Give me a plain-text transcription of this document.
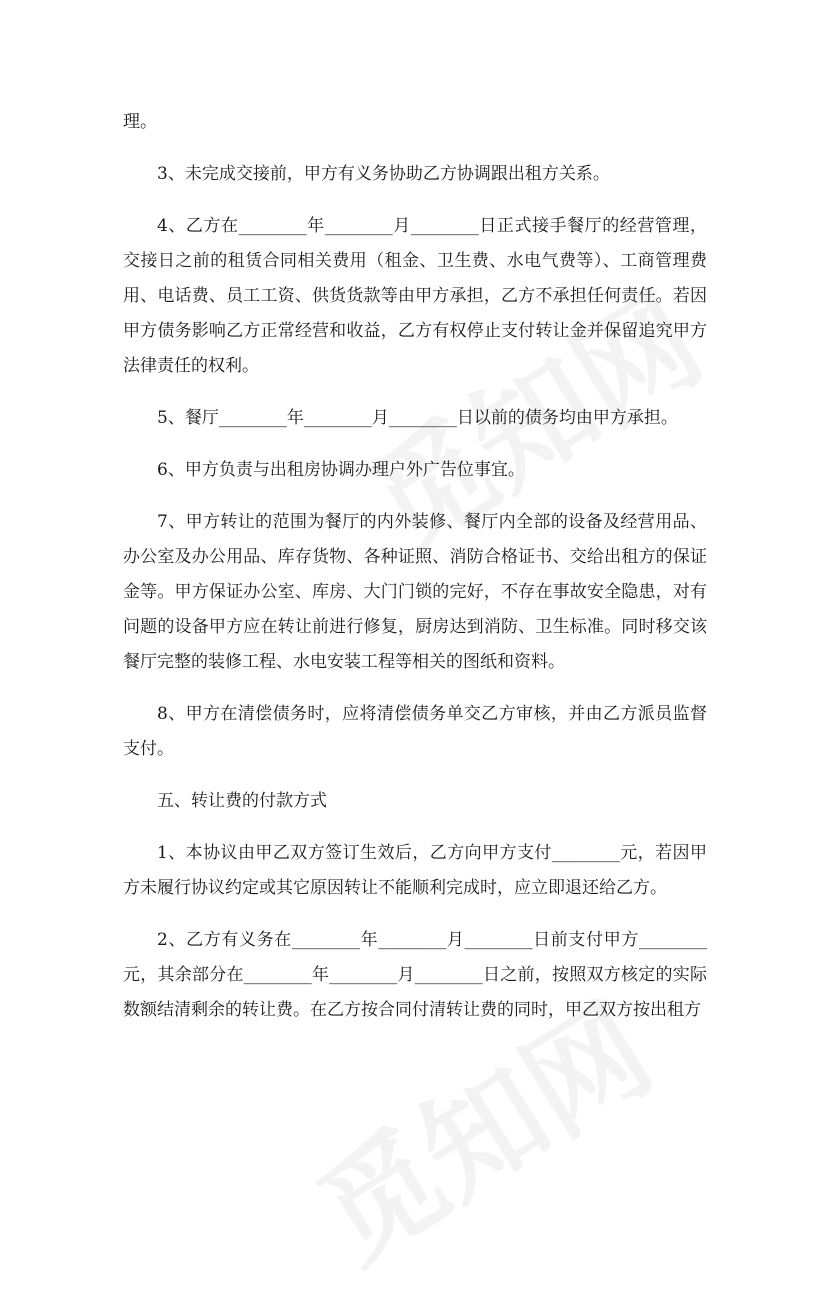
理。

3、未完成交接前，甲方有义务协助乙方协调跟出租方关系。

4、乙方在________年________月________日正式接手餐厅的经营管理，交接日之前的租赁合同相关费用（租金、卫生费、水电气费等）、工商管理费用、电话费、员工工资、供货货款等由甲方承担，乙方不承担任何责任。若因甲方债务影响乙方正常经营和收益，乙方有权停止支付转让金并保留追究甲方法律责任的权利。

5、餐厅________年________月________日以前的债务均由甲方承担。

6、甲方负责与出租房协调办理户外广告位事宜。

7、甲方转让的范围为餐厅的内外装修、餐厅内全部的设备及经营用品、办公室及办公用品、库存货物、各种证照、消防合格证书、交给出租方的保证金等。甲方保证办公室、库房、大门门锁的完好，不存在事故安全隐患，对有问题的设备甲方应在转让前进行修复，厨房达到消防、卫生标准。同时移交该餐厅完整的装修工程、水电安装工程等相关的图纸和资料。

8、甲方在清偿债务时，应将清偿债务单交乙方审核，并由乙方派员监督支付。

五、转让费的付款方式

1、本协议由甲乙双方签订生效后，乙方向甲方支付________元，若因甲方未履行协议约定或其它原因转让不能顺利完成时，应立即退还给乙方。

2、乙方有义务在________年________月________日前支付甲方________元，其余部分在________年________月________日之前，按照双方核定的实际数额结清剩余的转让费。在乙方按合同付清转让费的同时，甲乙双方按出租方
